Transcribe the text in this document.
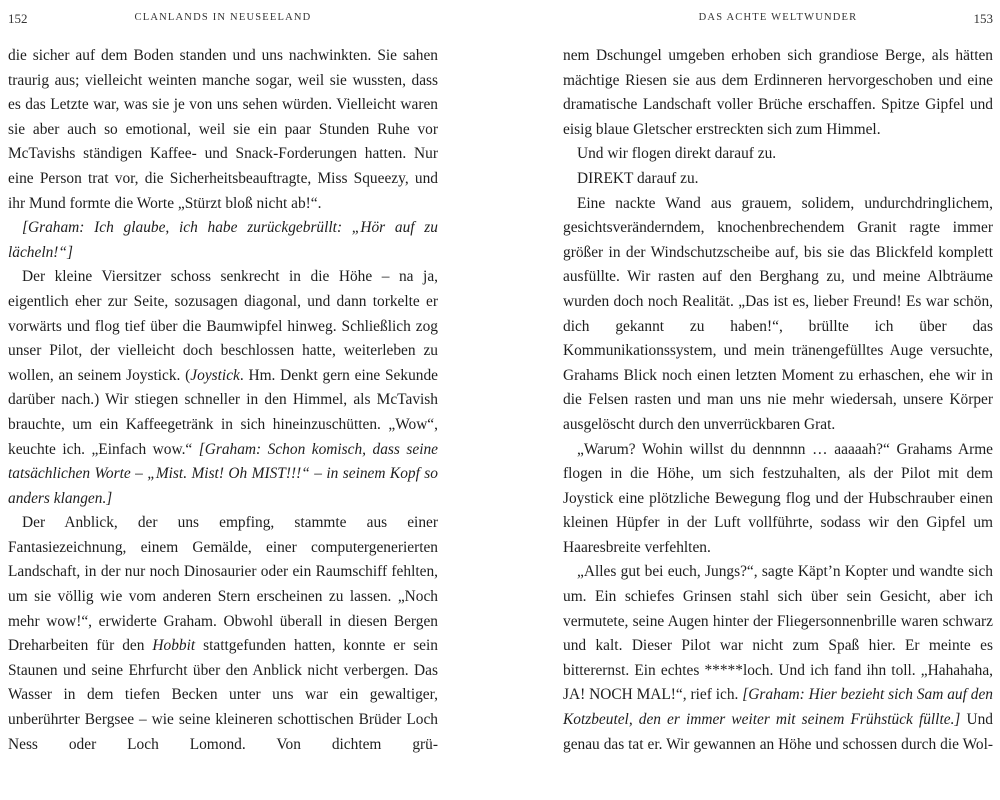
152	CLANLANDS IN NEUSEELAND

die sicher auf dem Boden standen und uns nachwinkten. Sie sahen traurig aus; vielleicht weinten manche sogar, weil sie wussten, dass es das Letzte war, was sie je von uns sehen würden. Vielleicht waren sie aber auch so emotional, weil sie ein paar Stunden Ruhe vor McTavishs ständigen Kaffee- und Snack-Forderungen hatten. Nur eine Person trat vor, die Sicherheitsbeauftragte, Miss Squeezy, und ihr Mund formte die Worte „Stürzt bloß nicht ab!“.

[Graham: Ich glaube, ich habe zurückgebrüllt: „Hör auf zu lächeln!“]

Der kleine Viersitzer schoss senkrecht in die Höhe – na ja, eigentlich eher zur Seite, sozusagen diagonal, und dann torkelte er vorwärts und flog tief über die Baumwipfel hinweg. Schließlich zog unser Pilot, der vielleicht doch beschlossen hatte, weiterleben zu wollen, an seinem Joystick. (Joystick. Hm. Denkt gern eine Sekunde darüber nach.) Wir stiegen schneller in den Himmel, als McTavish brauchte, um ein Kaffeegetränk in sich hineinzuschütten. „Wow“, keuchte ich. „Einfach wow.“ [Graham: Schon komisch, dass seine tatsächlichen Worte – „Mist. Mist! Oh MIST!!!“ – in seinem Kopf so anders klangen.]

Der Anblick, der uns empfing, stammte aus einer Fantasiezeichnung, einem Gemälde, einer computergenerierten Landschaft, in der nur noch Dinosaurier oder ein Raumschiff fehlten, um sie völlig wie vom anderen Stern erscheinen zu lassen. „Noch mehr wow!“, erwiderte Graham. Obwohl überall in diesen Bergen Dreharbeiten für den Hobbit stattgefunden hatten, konnte er sein Staunen und seine Ehrfurcht über den Anblick nicht verbergen. Das Wasser in dem tiefen Becken unter uns war ein gewaltiger, unberührter Bergsee – wie seine kleineren schottischen Brüder Loch Ness oder Loch Lomond. Von dichtem grü-

DAS ACHTE WELTWUNDER	153

nem Dschungel umgeben erhoben sich grandiose Berge, als hätten mächtige Riesen sie aus dem Erdinneren hervorgeschoben und eine dramatische Landschaft voller Brüche erschaffen. Spitze Gipfel und eisig blaue Gletscher erstreckten sich zum Himmel.

Und wir flogen direkt darauf zu.

DIREKT darauf zu.

Eine nackte Wand aus grauem, solidem, undurchdringlichem, gesichtsveränderndem, knochenbrechendem Granit ragte immer größer in der Windschutzscheibe auf, bis sie das Blickfeld komplett ausfüllte. Wir rasten auf den Berghang zu, und meine Albträume wurden doch noch Realität. „Das ist es, lieber Freund! Es war schön, dich gekannt zu haben!“, brüllte ich über das Kommunikationssystem, und mein tränengefülltes Auge versuchte, Grahams Blick noch einen letzten Moment zu erhaschen, ehe wir in die Felsen rasten und man uns nie mehr wiedersah, unsere Körper ausgelöscht durch den unverrückbaren Grat.

„Warum? Wohin willst du dennnnn … aaaaah?“ Grahams Arme flogen in die Höhe, um sich festzuhalten, als der Pilot mit dem Joystick eine plötzliche Bewegung flog und der Hubschrauber einen kleinen Hüpfer in der Luft vollführte, sodass wir den Gipfel um Haaresbreite verfehlten.

„Alles gut bei euch, Jungs?“, sagte Käpt’n Kopter und wandte sich um. Ein schiefes Grinsen stahl sich über sein Gesicht, aber ich vermutete, seine Augen hinter der Fliegersonnenbrille waren schwarz und kalt. Dieser Pilot war nicht zum Spaß hier. Er meinte es bitterernst. Ein echtes *****loch. Und ich fand ihn toll. „Hahahaha, JA! NOCH MAL!“, rief ich. [Graham: Hier bezieht sich Sam auf den Kotzbeutel, den er immer weiter mit seinem Frühstück füllte.] Und genau das tat er. Wir gewannen an Höhe und schossen durch die Wol-
